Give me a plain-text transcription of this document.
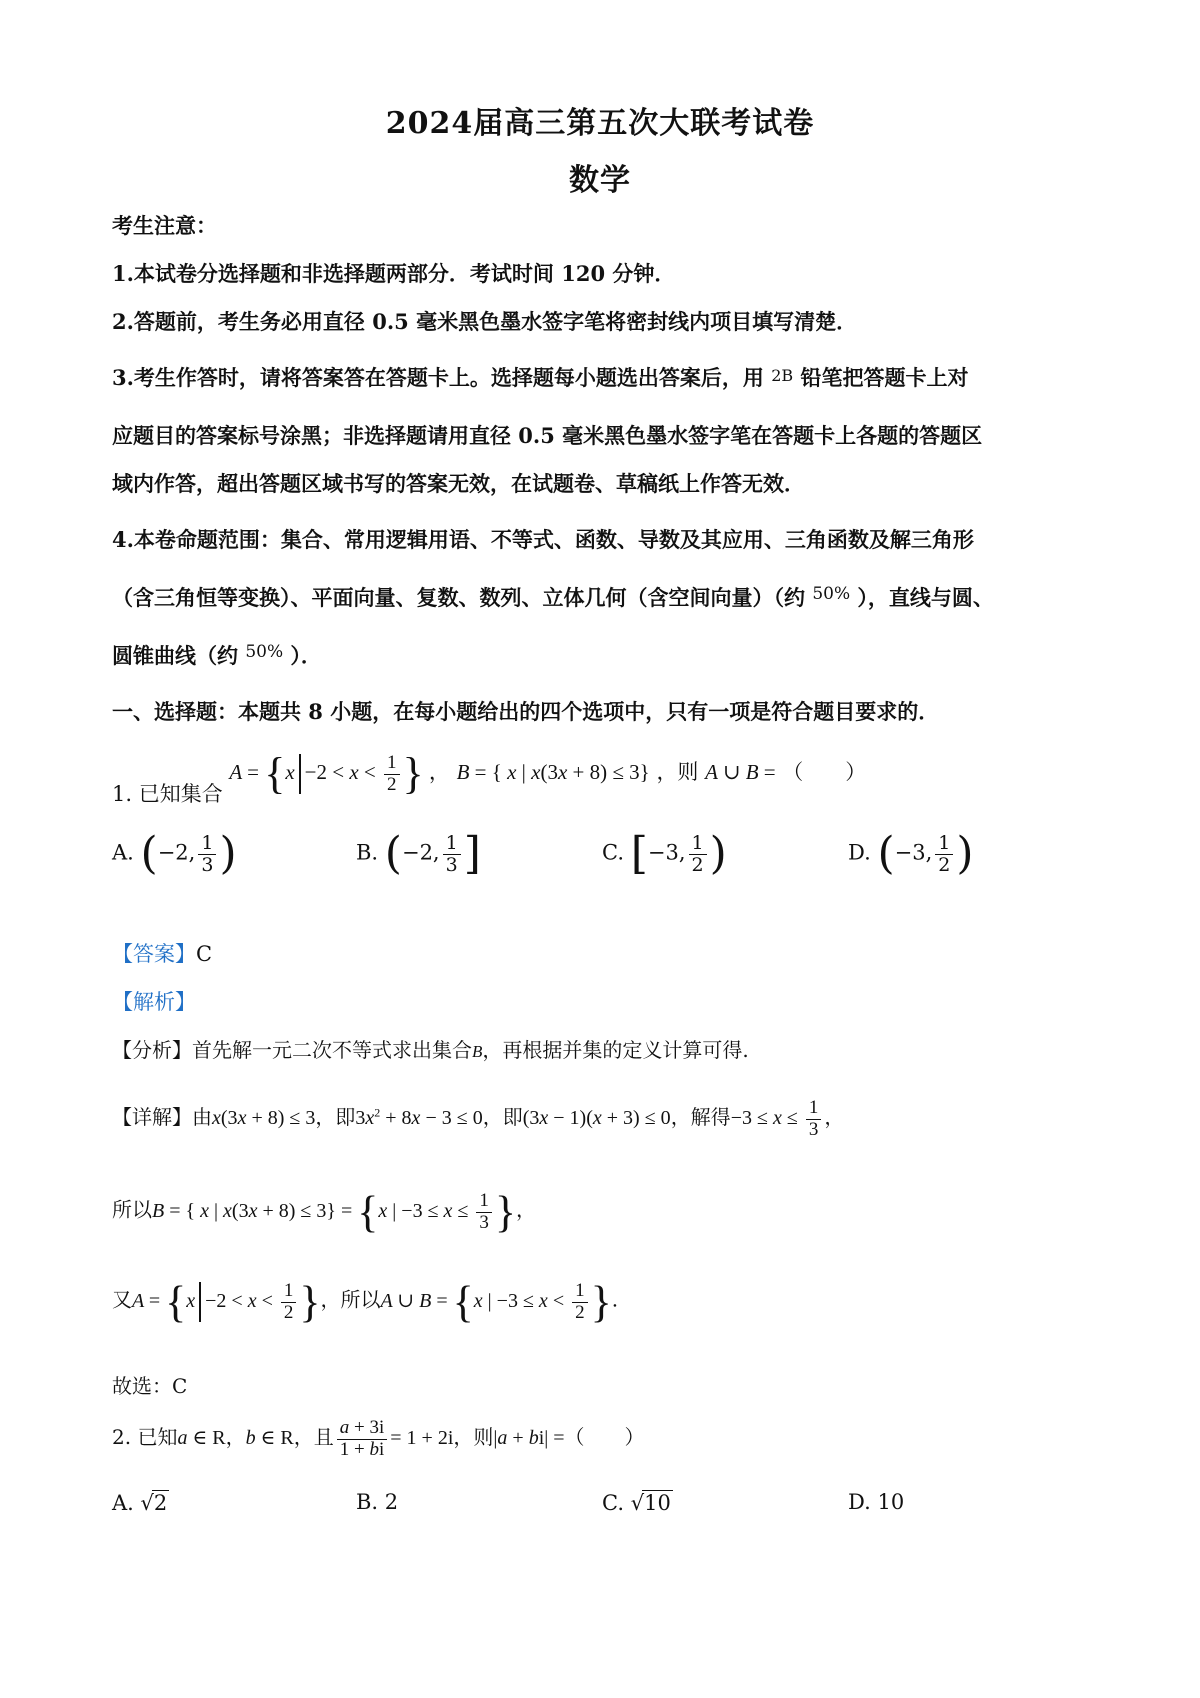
2024届高三第五次大联考试卷
数学
考生注意：
1.本试卷分选择题和非选择题两部分．考试时间 120 分钟．
2.答题前，考生务必用直径 0.5 毫米黑色墨水签字笔将密封线内项目填写清楚．
3.考生作答时，请将答案答在答题卡上。选择题每小题选出答案后，用 2B 铅笔把答题卡上对
应题目的答案标号涂黑；非选择题请用直径 0.5 毫米黑色墨水签字笔在答题卡上各题的答题区
域内作答，超出答题区域书写的答案无效，在试题卷、草稿纸上作答无效．
4.本卷命题范围：集合、常用逻辑用语、不等式、函数、导数及其应用、三角函数及解三角形
（含三角恒等变换）、平面向量、复数、数列、立体几何（含空间向量）（约 $^{50\%}$ ），直线与圆、
圆锥曲线（约 $^{50\%}$ ）．
一、选择题：本题共 8 小题，在每小题给出的四个选项中，只有一项是符合题目要求的．
1. 已知集合 $A = \{x -2 < x < \frac{1}{2}$ } ， B = { x | x(3x + 8) ≤ 3} ，则 A ∪ B = （　　）
A. (−2, $\frac{1}{3}$ )	B. (−2, $\frac{1}{3}$ ]	C. [−3, $\frac{1}{2}$ )	D. (−3, $\frac{1}{2}$ )
【答案】C
【解析】
【分析】首先解一元二次不等式求出集合B，再根据并集的定义计算可得.
【详解】由x(3x + 8) ≤ 3，即$3x^2 + 8x - 3 \le 0$，即(3x − 1)(x + 3) ≤ 0，解得$-3 \le x \le \frac{1}{3}$ ，
所以B = { x | x(3x + 8) ≤ 3} = {x | $-3 \le x \le \frac{1}{3}$ }，
又$A = \{x -2 < x < \frac{1}{2}$ }，所以A ∪ B = {x | $-3 \le x < \frac{1}{2}$ }.
故选：C
2. 已知a ∈ R，b ∈ R，且 $\frac{a + 3i}{1 + bi} = 1 + 2i$，则|a + bi| =（　　）
A. √2	B. 2	C. √10	D. 10
